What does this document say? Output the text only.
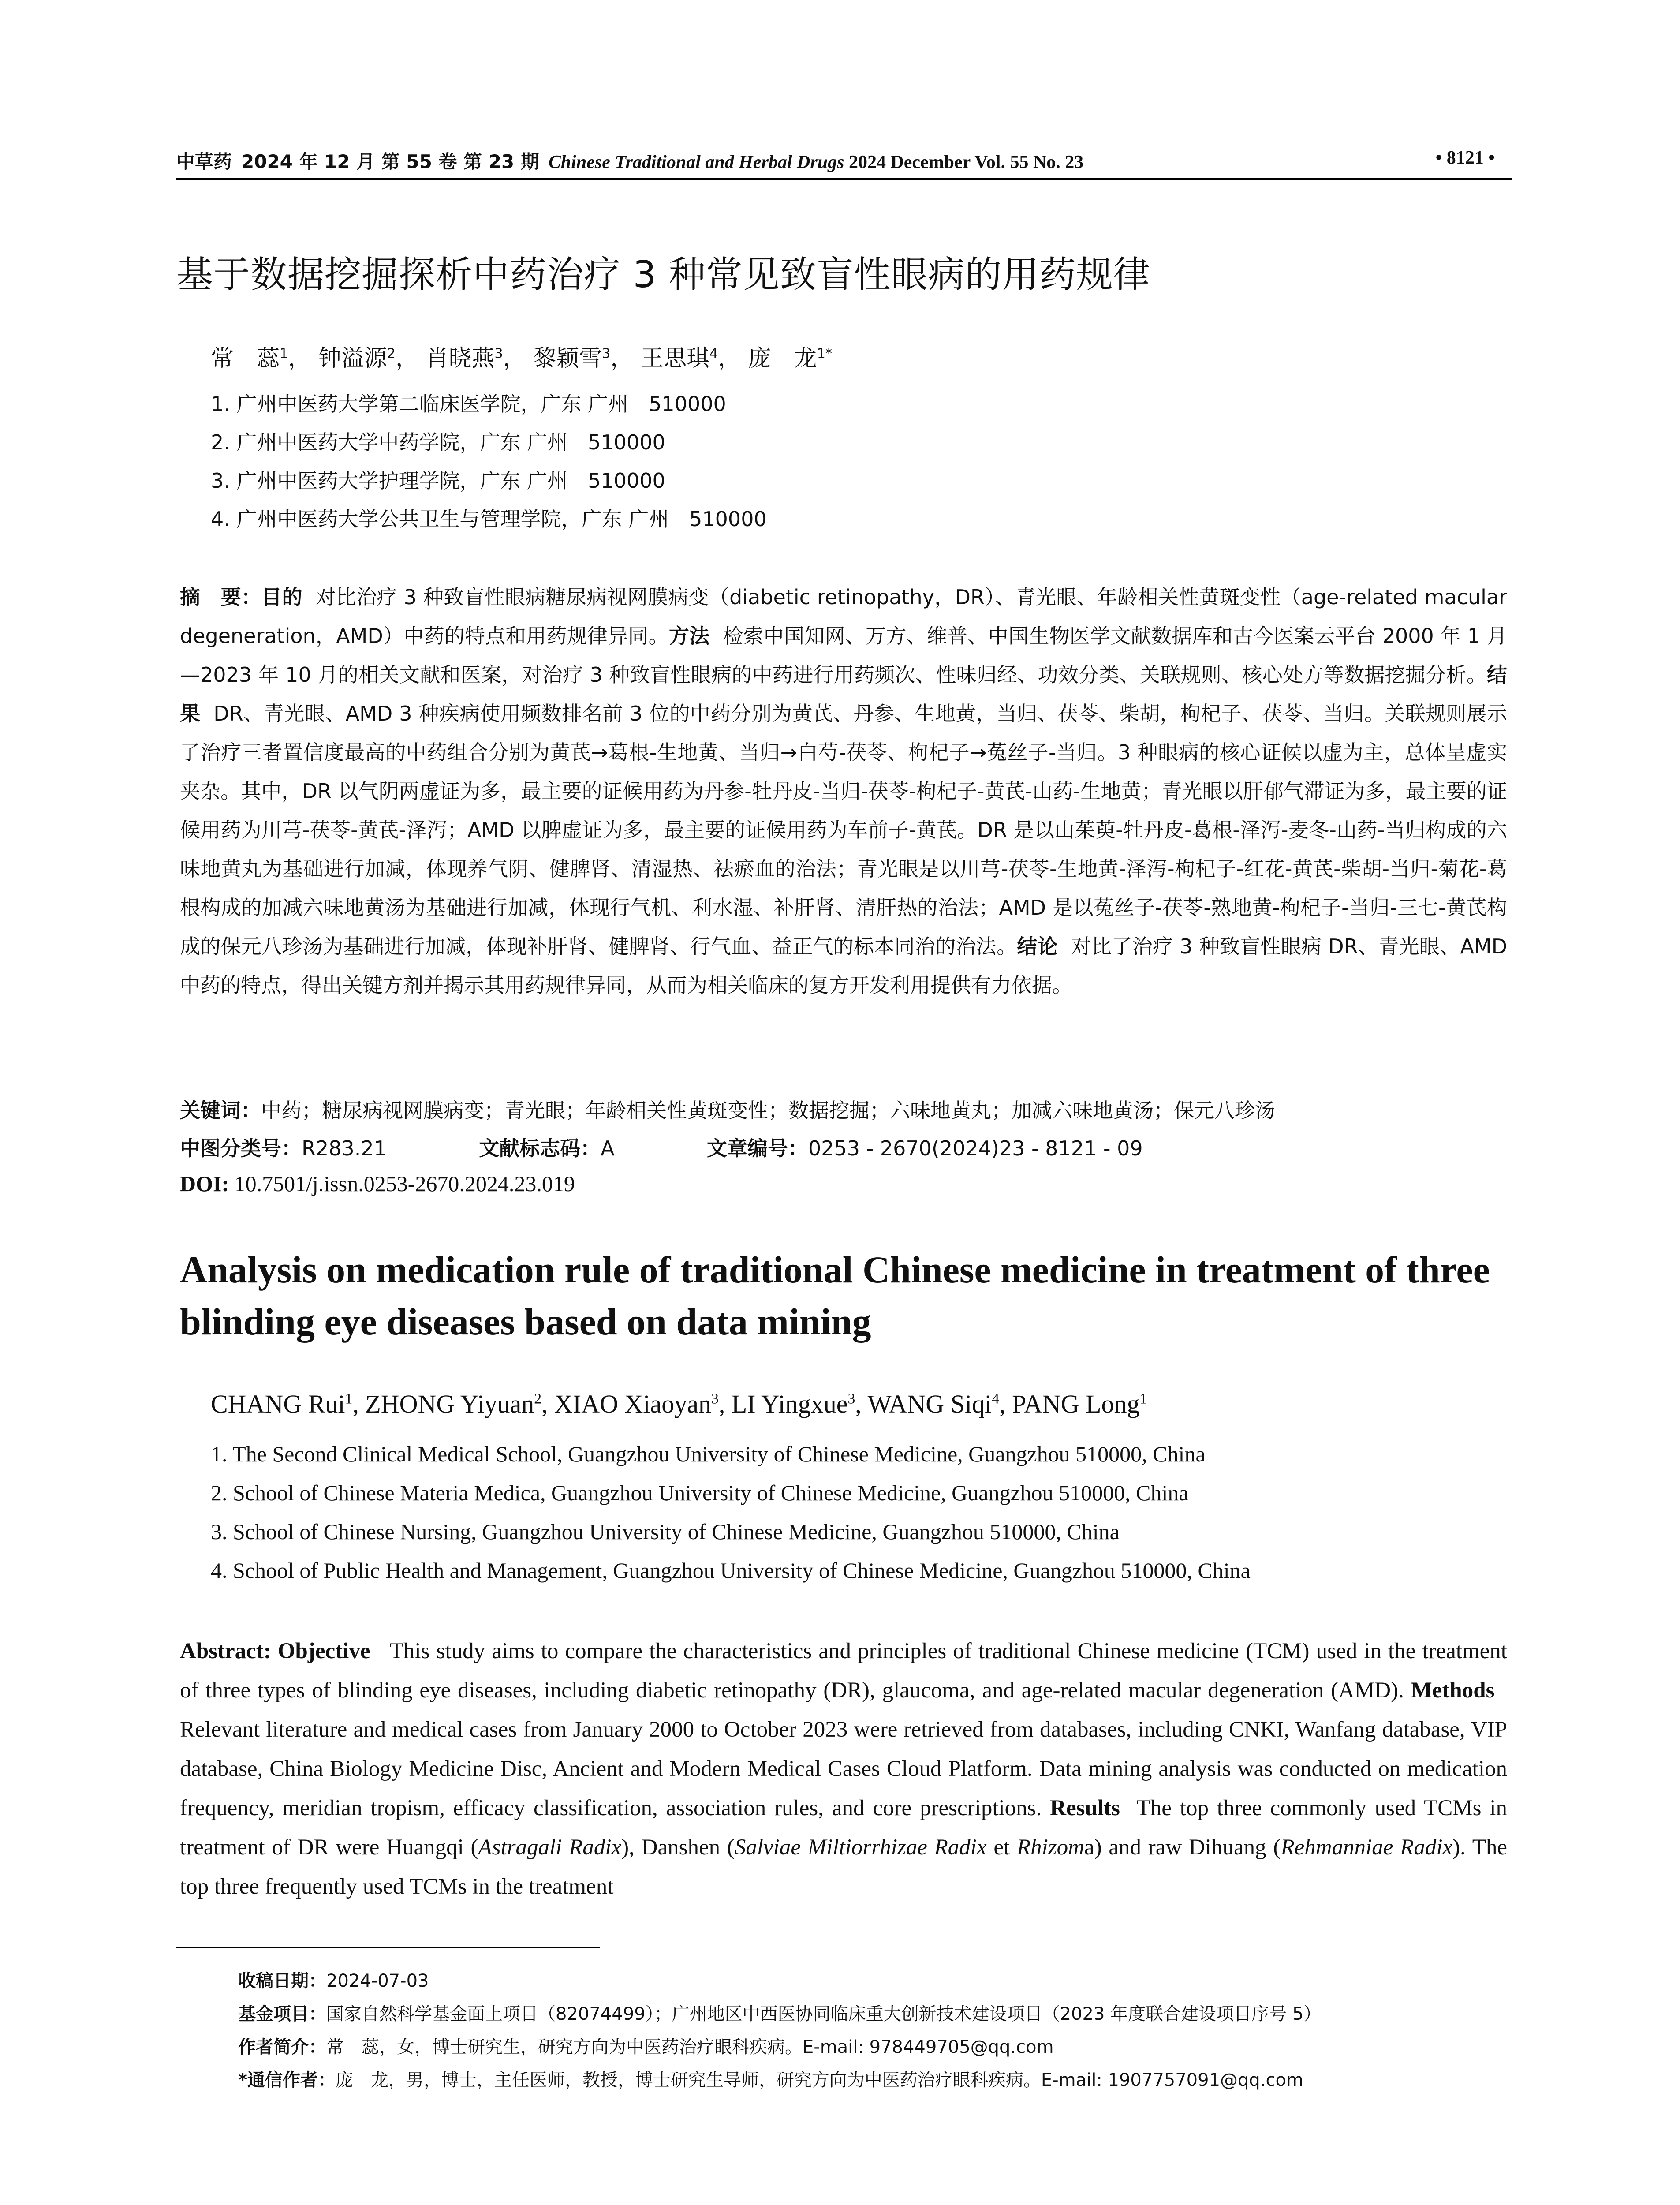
中草药 2024 年 12 月 第 55 卷 第 23 期 Chinese Traditional and Herbal Drugs 2024 December Vol. 55 No. 23	• 8121 •
基于数据挖掘探析中药治疗 3 种常见致盲性眼病的用药规律
常　蕊$^1$， 钟溢源$^2$， 肖晓燕$^3$， 黎颖雪$^3$， 王思琪$^4$， 庞　龙$^{1*}$
1. 广州中医药大学第二临床医学院，广东 广州　510000
2. 广州中医药大学中药学院，广东 广州　510000
3. 广州中医药大学护理学院，广东 广州　510000
4. 广州中医药大学公共卫生与管理学院，广东 广州　510000
摘　要：目的 对比治疗 3 种致盲性眼病糖尿病视网膜病变（diabetic retinopathy，DR）、青光眼、年龄相关性黄斑变性（age-related macular degeneration，AMD）中药的特点和用药规律异同。方法 检索中国知网、万方、维普、中国生物医学文献数据库和古今医案云平台 2000 年 1 月—2023 年 10 月的相关文献和医案，对治疗 3 种致盲性眼病的中药进行用药频次、性味归经、功效分类、关联规则、核心处方等数据挖掘分析。结果 DR、青光眼、AMD 3 种疾病使用频数排名前 3 位的中药分别为黄芪、丹参、生地黄，当归、茯苓、柴胡，枸杞子、茯苓、当归。关联规则展示了治疗三者置信度最高的中药组合分别为黄芪→葛根-生地黄、当归→白芍-茯苓、枸杞子→菟丝子-当归。3 种眼病的核心证候以虚为主，总体呈虚实夹杂。其中，DR 以气阴两虚证为多，最主要的证候用药为丹参-牡丹皮-当归-茯苓-枸杞子-黄芪-山药-生地黄；青光眼以肝郁气滞证为多，最主要的证候用药为川芎-茯苓-黄芪-泽泻；AMD 以脾虚证为多，最主要的证候用药为车前子-黄芪。DR 是以山茱萸-牡丹皮-葛根-泽泻-麦冬-山药-当归构成的六味地黄丸为基础进行加减，体现养气阴、健脾肾、清湿热、祛瘀血的治法；青光眼是以川芎-茯苓-生地黄-泽泻-枸杞子-红花-黄芪-柴胡-当归-菊花-葛根构成的加减六味地黄汤为基础进行加减，体现行气机、利水湿、补肝肾、清肝热的治法；AMD 是以菟丝子-茯苓-熟地黄-枸杞子-当归-三七-黄芪构成的保元八珍汤为基础进行加减，体现补肝肾、健脾肾、行气血、益正气的标本同治的治法。结论 对比了治疗 3 种致盲性眼病 DR、青光眼、AMD 中药的特点，得出关键方剂并揭示其用药规律异同，从而为相关临床的复方开发利用提供有力依据。
关键词：中药；糖尿病视网膜病变；青光眼；年龄相关性黄斑变性；数据挖掘；六味地黄丸；加减六味地黄汤；保元八珍汤
中图分类号：R283.21	文献标志码：A	文章编号：0253 - 2670(2024)23 - 8121 - 09
DOI: 10.7501/j.issn.0253-2670.2024.23.019
Analysis on medication rule of traditional Chinese medicine in treatment of three blinding eye diseases based on data mining
CHANG Rui$^1$, ZHONG Yiyuan$^2$, XIAO Xiaoyan$^3$, LI Yingxue$^3$, WANG Siqi$^4$, PANG Long$^1$
1. The Second Clinical Medical School, Guangzhou University of Chinese Medicine, Guangzhou 510000, China
2. School of Chinese Materia Medica, Guangzhou University of Chinese Medicine, Guangzhou 510000, China
3. School of Chinese Nursing, Guangzhou University of Chinese Medicine, Guangzhou 510000, China
4. School of Public Health and Management, Guangzhou University of Chinese Medicine, Guangzhou 510000, China
Abstract: Objective This study aims to compare the characteristics and principles of traditional Chinese medicine (TCM) used in the treatment of three types of blinding eye diseases, including diabetic retinopathy (DR), glaucoma, and age-related macular degeneration (AMD). Methods   Relevant literature and medical cases from January 2000 to October 2023 were retrieved from databases, including CNKI, Wanfang database, VIP database, China Biology Medicine Disc, Ancient and Modern Medical Cases Cloud Platform. Data mining analysis was conducted on medication frequency, meridian tropism, efficacy classification, association rules, and core prescriptions. Results The top three commonly used TCMs in treatment of DR were Huangqi (Astragali Radix), Danshen (Salviae Miltiorrhizae Radix et Rhizoma) and raw Dihuang (Rehmanniae Radix). The top three frequently used TCMs in the treatment
收稿日期：2024-07-03
基金项目：国家自然科学基金面上项目（82074499）；广州地区中西医协同临床重大创新技术建设项目（2023 年度联合建设项目序号 5）
作者简介：常　蕊，女，博士研究生，研究方向为中医药治疗眼科疾病。E-mail: 978449705@qq.com
*通信作者：庞　龙，男，博士，主任医师，教授，博士研究生导师，研究方向为中医药治疗眼科疾病。E-mail: 1907757091@qq.com
